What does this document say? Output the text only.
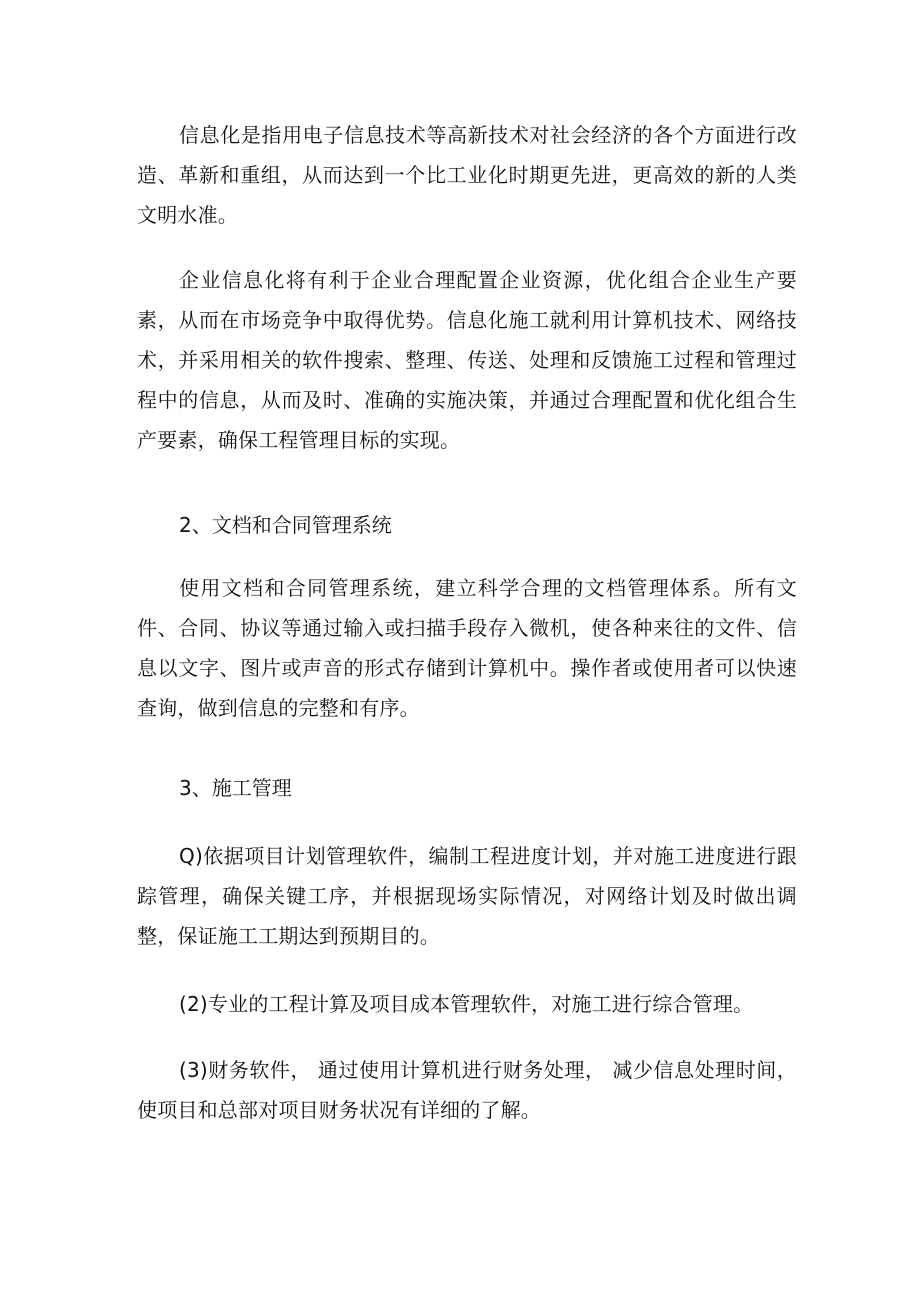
信息化是指用电子信息技术等高新技术对社会经济的各个方面进行改造、革新和重组，从而达到一个比工业化时期更先进，更高效的新的人类文明水准。

企业信息化将有利于企业合理配置企业资源，优化组合企业生产要素，从而在市场竞争中取得优势。信息化施工就利用计算机技术、网络技术，并采用相关的软件搜索、整理、传送、处理和反馈施工过程和管理过程中的信息，从而及时、准确的实施决策，并通过合理配置和优化组合生产要素，确保工程管理目标的实现。

2、文档和合同管理系统

使用文档和合同管理系统，建立科学合理的文档管理体系。所有文件、合同、协议等通过输入或扫描手段存入微机，使各种来往的文件、信息以文字、图片或声音的形式存储到计算机中。操作者或使用者可以快速查询，做到信息的完整和有序。

3、施工管理

Q)依据项目计划管理软件，编制工程进度计划，并对施工进度进行跟踪管理，确保关键工序，并根据现场实际情况，对网络计划及时做出调整，保证施工工期达到预期目的。

(2)专业的工程计算及项目成本管理软件，对施工进行综合管理。

(3)财务软件， 通过使用计算机进行财务处理， 减少信息处理时间，使项目和总部对项目财务状况有详细的了解。
